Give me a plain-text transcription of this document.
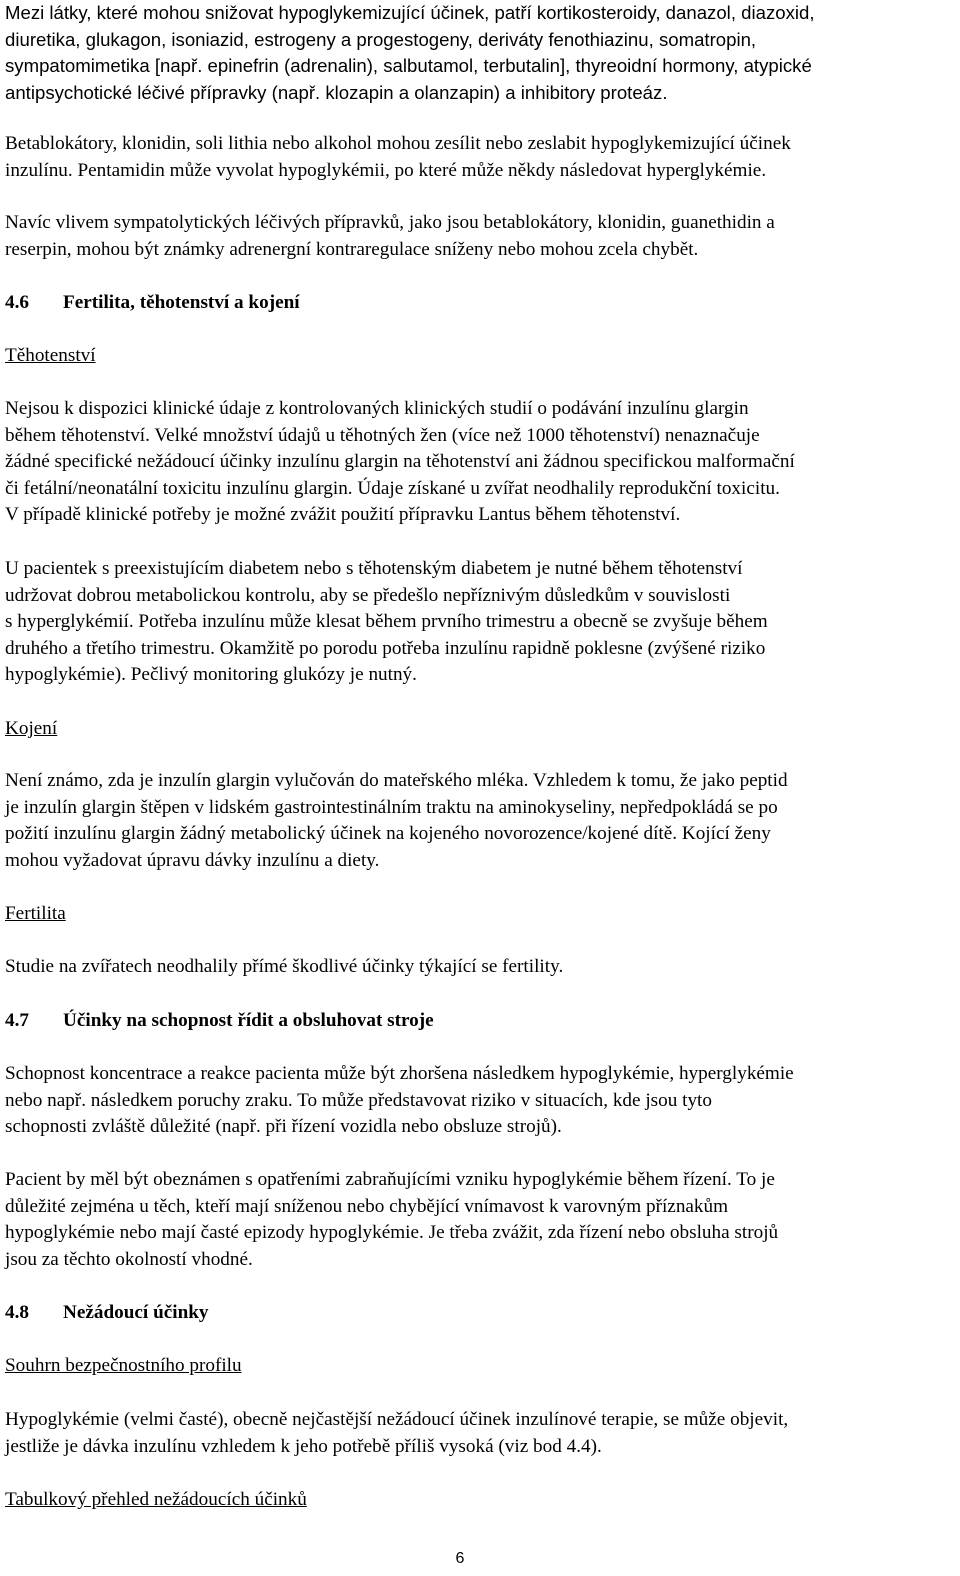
Mezi látky, které mohou snižovat hypoglykemizující účinek, patří kortikosteroidy, danazol, diazoxid,
diuretika, glukagon, isoniazid, estrogeny a progestogeny, deriváty fenothiazinu, somatropin,
sympatomimetika [např. epinefrin (adrenalin), salbutamol, terbutalin], thyreoidní hormony, atypické
antipsychotické léčivé přípravky (např. klozapin a olanzapin) a inhibitory proteáz.

Betablokátory, klonidin, soli lithia nebo alkohol mohou zesílit nebo zeslabit hypoglykemizující účinek
inzulínu. Pentamidin může vyvolat hypoglykémii, po které může někdy následovat hyperglykémie.

Navíc vlivem sympatolytických léčivých přípravků, jako jsou betablokátory, klonidin, guanethidin a
reserpin, mohou být známky adrenergní kontraregulace sníženy nebo mohou zcela chybět.

4.6 Fertilita, těhotenství a kojení

Těhotenství

Nejsou k dispozici klinické údaje z kontrolovaných klinických studií o podávání inzulínu glargin
během těhotenství. Velké množství údajů u těhotných žen (více než 1000 těhotenství) nenaznačuje
žádné specifické nežádoucí účinky inzulínu glargin na těhotenství ani žádnou specifickou malformační
či fetální/neonatální toxicitu inzulínu glargin. Údaje získané u zvířat neodhalily reprodukční toxicitu.
V případě klinické potřeby je možné zvážit použití přípravku Lantus během těhotenství.

U pacientek s preexistujícím diabetem nebo s těhotenským diabetem je nutné během těhotenství
udržovat dobrou metabolickou kontrolu, aby se předešlo nepříznivým důsledkům v souvislosti
s hyperglykémií. Potřeba inzulínu může klesat během prvního trimestru a obecně se zvyšuje během
druhého a třetího trimestru. Okamžitě po porodu potřeba inzulínu rapidně poklesne (zvýšené riziko
hypoglykémie). Pečlivý monitoring glukózy je nutný.

Kojení

Není známo, zda je inzulín glargin vylučován do mateřského mléka. Vzhledem k tomu, že jako peptid
je inzulín glargin štěpen v lidském gastrointestinálním traktu na aminokyseliny, nepředpokládá se po
požití inzulínu glargin žádný metabolický účinek na kojeného novorozence/kojené dítě. Kojící ženy
mohou vyžadovat úpravu dávky inzulínu a diety.

Fertilita

Studie na zvířatech neodhalily přímé škodlivé účinky týkající se fertility.

4.7 Účinky na schopnost řídit a obsluhovat stroje

Schopnost koncentrace a reakce pacienta může být zhoršena následkem hypoglykémie, hyperglykémie
nebo např. následkem poruchy zraku. To může představovat riziko v situacích, kde jsou tyto
schopnosti zvláště důležité (např. při řízení vozidla nebo obsluze strojů).

Pacient by měl být obeznámen s opatřeními zabraňujícími vzniku hypoglykémie během řízení. To je
důležité zejména u těch, kteří mají sníženou nebo chybějící vnímavost k varovným příznakům
hypoglykémie nebo mají časté epizody hypoglykémie. Je třeba zvážit, zda řízení nebo obsluha strojů
jsou za těchto okolností vhodné.

4.8 Nežádoucí účinky

Souhrn bezpečnostního profilu

Hypoglykémie (velmi časté), obecně nejčastější nežádoucí účinek inzulínové terapie, se může objevit,
jestliže je dávka inzulínu vzhledem k jeho potřebě příliš vysoká (viz bod 4.4).

Tabulkový přehled nežádoucích účinků

6
